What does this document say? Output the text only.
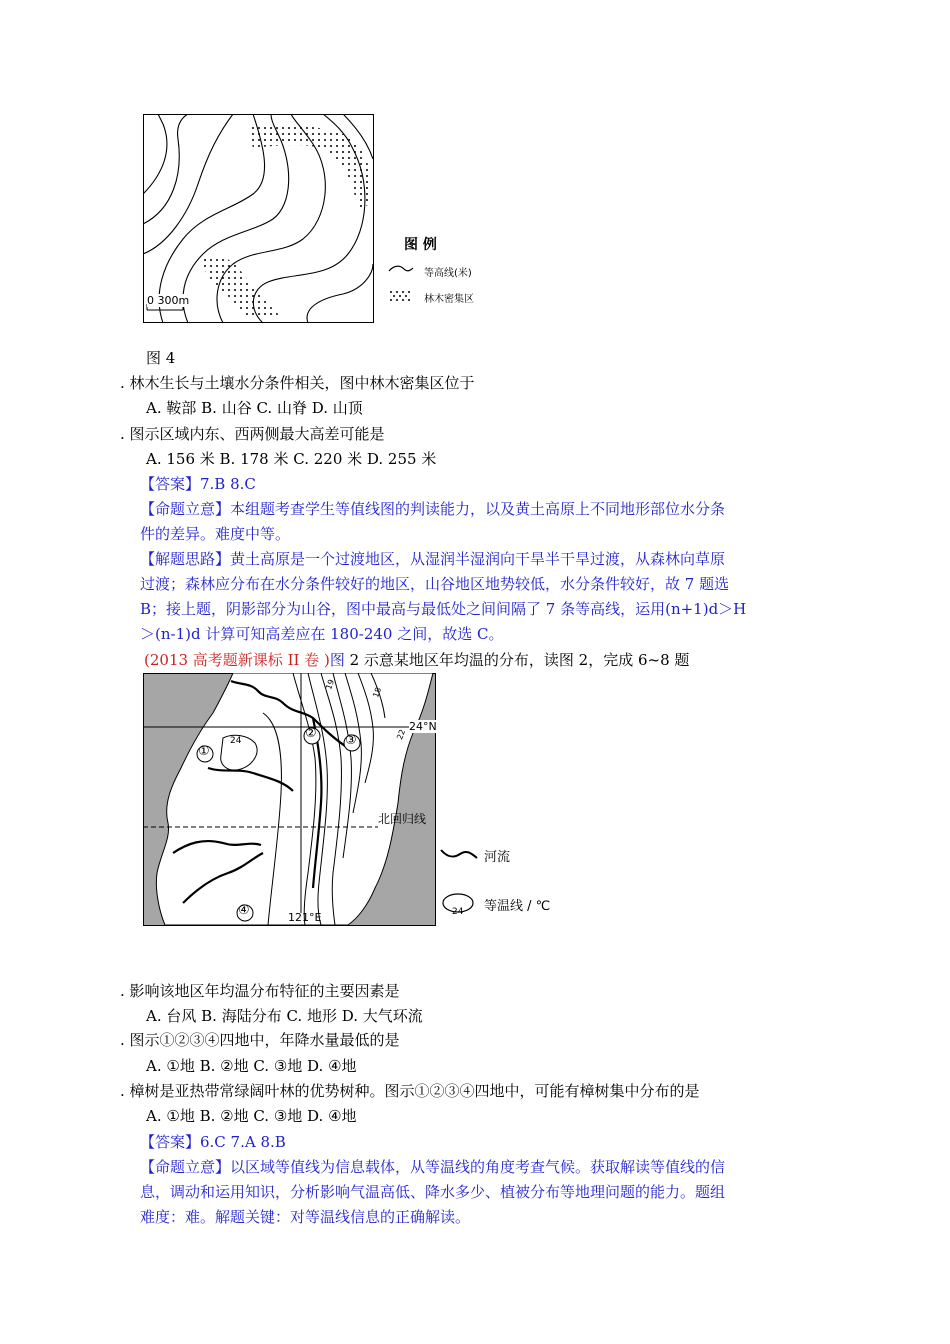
0 300m
图 例
等高线(米)
林木密集区
图 4
. 林木生长与土壤水分条件相关，图中林木密集区位于
A. 鞍部 B. 山谷 C. 山脊 D. 山顶
. 图示区域内东、西两侧最大高差可能是
A. 156 米 B. 178 米 C. 220 米 D. 255 米
【答案】7.B 8.C
【命题立意】本组题考查学生等值线图的判读能力，以及黄土高原上不同地形部位水分条
件的差异。难度中等。
【解题思路】黄土高原是一个过渡地区，从湿润半湿润向干旱半干旱过渡，从森林向草原
过渡；森林应分布在水分条件较好的地区，山谷地区地势较低，水分条件较好，故 7 题选
B；接上题，阴影部分为山谷，图中最高与最低处之间间隔了 7 条等高线，运用(n+1)d＞H
＞(n-1)d 计算可知高差应在 180-240 之间，故选 C。
(2013 高考题新课标 II 卷 )图 2 示意某地区年均温的分布，读图 2，完成 6~8 题
①
② ③
④
24
19
18
22
24°N
北回归线
121°E
河流
24 等温线 / ℃
. 影响该地区年均温分布特征的主要因素是
A. 台风 B. 海陆分布 C. 地形 D. 大气环流
. 图示①②③④四地中，年降水量最低的是
A. ①地 B. ②地 C. ③地 D. ④地
. 樟树是亚热带常绿阔叶林的优势树种。图示①②③④四地中，可能有樟树集中分布的是
A. ①地 B. ②地 C. ③地 D. ④地
【答案】6.C 7.A 8.B
【命题立意】以区域等值线为信息载体，从等温线的角度考查气候。获取解读等值线的信
息，调动和运用知识，分析影响气温高低、降水多少、植被分布等地理问题的能力。题组
难度：难。解题关键：对等温线信息的正确解读。
